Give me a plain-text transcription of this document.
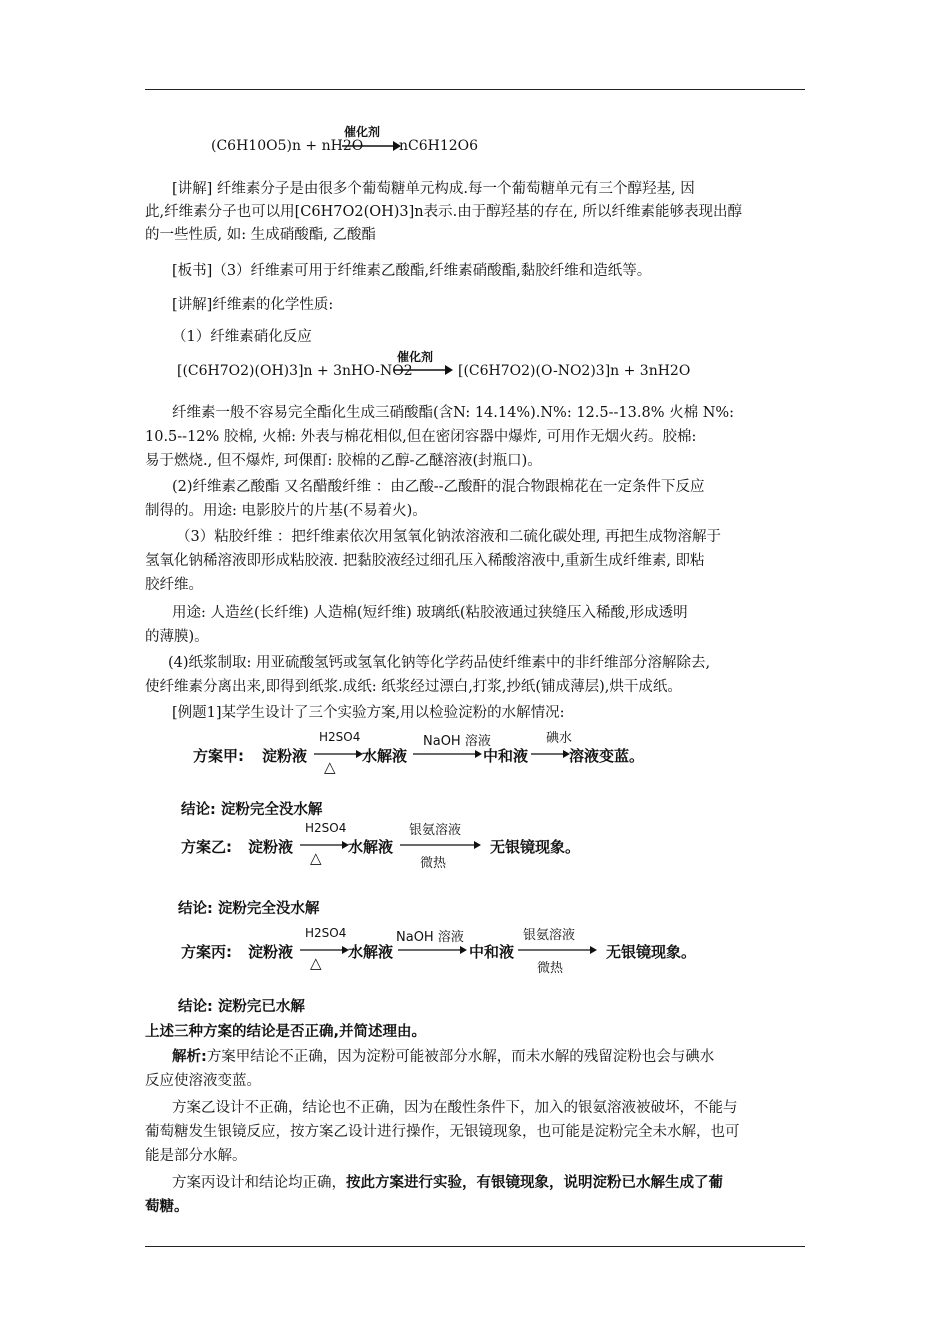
(C6H10O5)n + nH2O
催化剂
nC6H12O6
[讲解] 纤维素分子是由很多个葡萄糖单元构成.每一个葡萄糖单元有三个醇羟基, 因
此,纤维素分子也可以用[C6H7O2(OH)3]n表示.由于醇羟基的存在, 所以纤维素能够表现出醇
的一些性质, 如: 生成硝酸酯, 乙酸酯
[板书]（3）纤维素可用于纤维素乙酸酯,纤维素硝酸酯,黏胶纤维和造纸等。
[讲解]纤维素的化学性质:
（1）纤维素硝化反应
[(C6H7O2)(OH)3]n + 3nHO-NO2
催化剂
→ [(C6H7O2)(O-NO2)3]n + 3nH2O
纤维素一般不容易完全酯化生成三硝酸酯(含N: 14.14%).N%: 12.5--13.8% 火棉 N%:
10.5--12% 胶棉, 火棉: 外表与棉花相似,但在密闭容器中爆炸, 可用作无烟火药。胶棉:
易于燃烧., 但不爆炸, 珂倮酊: 胶棉的乙醇-乙醚溶液(封瓶口)。
(2)纤维素乙酸酯 又名醋酸纤维 ：由乙酸--乙酸酐的混合物跟棉花在一定条件下反应
制得的。用途: 电影胶片的片基(不易着火)。
（3）粘胶纤维 ：把纤维素依次用氢氧化钠浓溶液和二硫化碳处理, 再把生成物溶解于
氢氧化钠稀溶液即形成粘胶液. 把黏胶液经过细孔压入稀酸溶液中,重新生成纤维素, 即粘
胶纤维。
用途: 人造丝(长纤维) 人造棉(短纤维) 玻璃纸(粘胶液通过狭缝压入稀酸,形成透明
的薄膜)。
(4)纸浆制取: 用亚硫酸氢钙或氢氧化钠等化学药品使纤维素中的非纤维部分溶解除去,
使纤维素分离出来,即得到纸浆.成纸: 纸浆经过漂白,打浆,抄纸(铺成薄层),烘干成纸。
[例题1]某学生设计了三个实验方案,用以检验淀粉的水解情况:
方案甲: 淀粉液
H2SO4
△
水解液
NaOH 溶液
中和液
碘水
溶液变蓝。
结论: 淀粉完全没水解
方案乙: 淀粉液
H2SO4
△
水解液
银氨溶液
微热
无银镜现象。
结论: 淀粉完全没水解
方案丙: 淀粉液
H2SO4
△
水解液
NaOH 溶液
中和液
银氨溶液
微热
无银镜现象。
结论: 淀粉完已水解
上述三种方案的结论是否正确,并简述理由。
解析:方案甲结论不正确，因为淀粉可能被部分水解，而未水解的残留淀粉也会与碘水
反应使溶液变蓝。
方案乙设计不正确，结论也不正确，因为在酸性条件下，加入的银氨溶液被破坏，不能与
葡萄糖发生银镜反应，按方案乙设计进行操作，无银镜现象，也可能是淀粉完全未水解，也可
能是部分水解。
方案丙设计和结论均正确，按此方案进行实验，有银镜现象，说明淀粉已水解生成了葡
萄糖。
